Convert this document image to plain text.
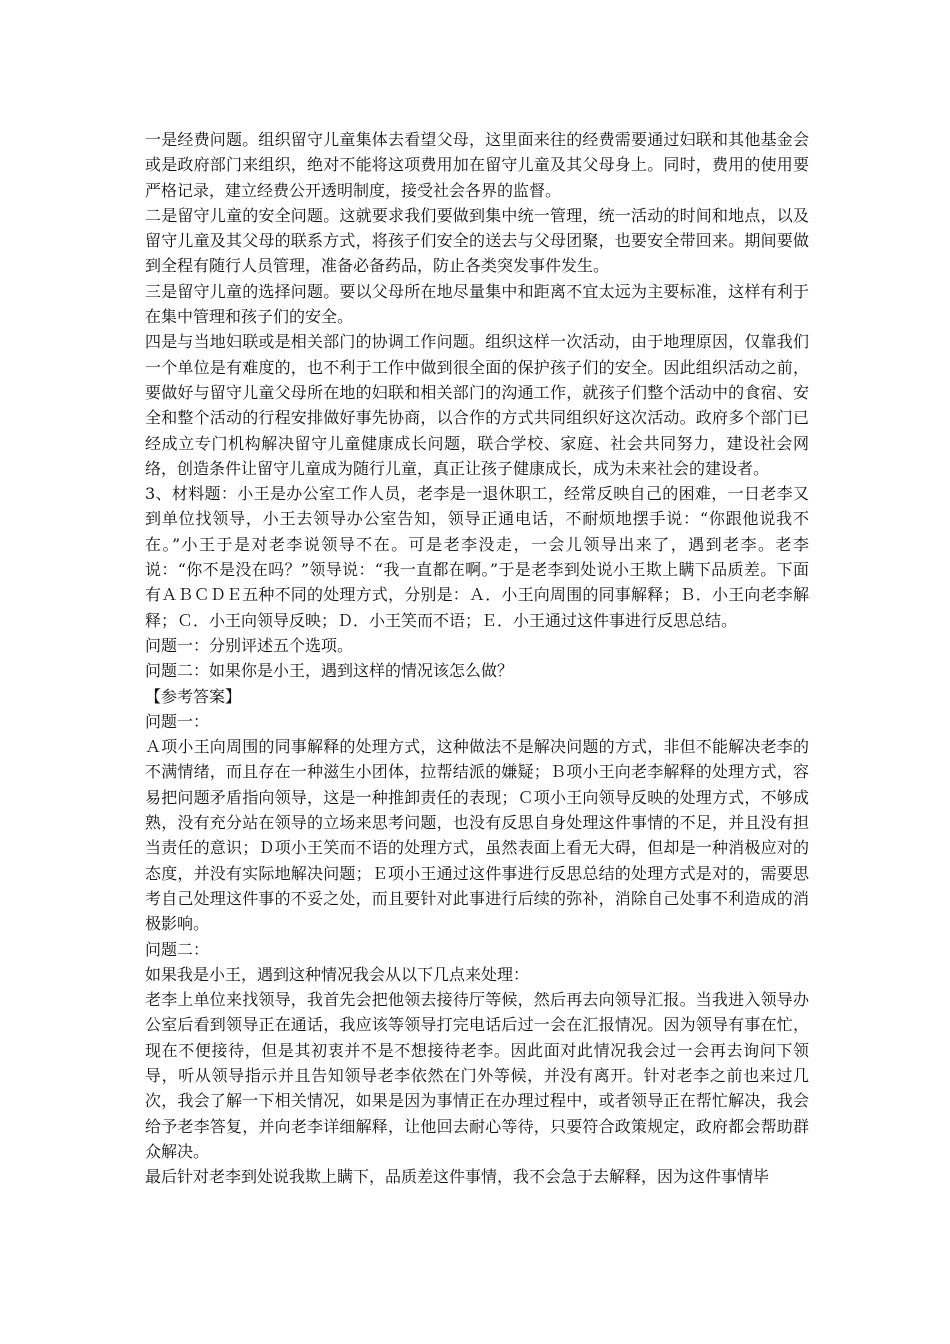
一是经费问题。组织留守儿童集体去看望父母，这里面来往的经费需要通过妇联和其他基金会或是政府部门来组织，绝对不能将这项费用加在留守儿童及其父母身上。同时，费用的使用要严格记录，建立经费公开透明制度，接受社会各界的监督。

二是留守儿童的安全问题。这就要求我们要做到集中统一管理，统一活动的时间和地点，以及留守儿童及其父母的联系方式，将孩子们安全的送去与父母团聚，也要安全带回来。期间要做到全程有随行人员管理，准备必备药品，防止各类突发事件发生。

三是留守儿童的选择问题。要以父母所在地尽量集中和距离不宜太远为主要标准，这样有利于在集中管理和孩子们的安全。

四是与当地妇联或是相关部门的协调工作问题。组织这样一次活动，由于地理原因，仅靠我们一个单位是有难度的，也不利于工作中做到很全面的保护孩子们的安全。因此组织活动之前，要做好与留守儿童父母所在地的妇联和相关部门的沟通工作，就孩子们整个活动中的食宿、安全和整个活动的行程安排做好事先协商，以合作的方式共同组织好这次活动。政府多个部门已经成立专门机构解决留守儿童健康成长问题，联合学校、家庭、社会共同努力，建设社会网络，创造条件让留守儿童成为随行儿童，真正让孩子健康成长，成为未来社会的建设者。

3、材料题：小王是办公室工作人员，老李是一退休职工，经常反映自己的困难，一日老李又到单位找领导，小王去领导办公室告知，领导正通电话，不耐烦地摆手说：“你跟他说我不在。”小王于是对老李说领导不在。可是老李没走，一会儿领导出来了，遇到老李。老李说：“你不是没在吗？”领导说：“我一直都在啊。”于是老李到处说小王欺上瞒下品质差。下面有ＡＢＣＤＥ五种不同的处理方式，分别是：Ａ．小王向周围的同事解释；Ｂ．小王向老李解释；Ｃ．小王向领导反映；Ｄ．小王笑而不语；Ｅ．小王通过这件事进行反思总结。

问题一：分别评述五个选项。

问题二：如果你是小王，遇到这样的情况该怎么做？

【参考答案】

问题一：

Ａ项小王向周围的同事解释的处理方式，这种做法不是解决问题的方式，非但不能解决老李的不满情绪，而且存在一种滋生小团体，拉帮结派的嫌疑；Ｂ项小王向老李解释的处理方式，容易把问题矛盾指向领导，这是一种推卸责任的表现；Ｃ项小王向领导反映的处理方式，不够成熟，没有充分站在领导的立场来思考问题，也没有反思自身处理这件事情的不足，并且没有担当责任的意识；Ｄ项小王笑而不语的处理方式，虽然表面上看无大碍，但却是一种消极应对的态度，并没有实际地解决问题；Ｅ项小王通过这件事进行反思总结的处理方式是对的，需要思考自己处理这件事的不妥之处，而且要针对此事进行后续的弥补，消除自己处事不利造成的消极影响。

问题二：

如果我是小王，遇到这种情况我会从以下几点来处理：

老李上单位来找领导，我首先会把他领去接待厅等候，然后再去向领导汇报。当我进入领导办公室后看到领导正在通话，我应该等领导打完电话后过一会在汇报情况。因为领导有事在忙，现在不便接待，但是其初衷并不是不想接待老李。因此面对此情况我会过一会再去询问下领导，听从领导指示并且告知领导老李依然在门外等候，并没有离开。针对老李之前也来过几次，我会了解一下相关情况，如果是因为事情正在办理过程中，或者领导正在帮忙解决，我会给予老李答复，并向老李详细解释，让他回去耐心等待，只要符合政策规定，政府都会帮助群众解决。

最后针对老李到处说我欺上瞒下，品质差这件事情，我不会急于去解释，因为这件事情毕
